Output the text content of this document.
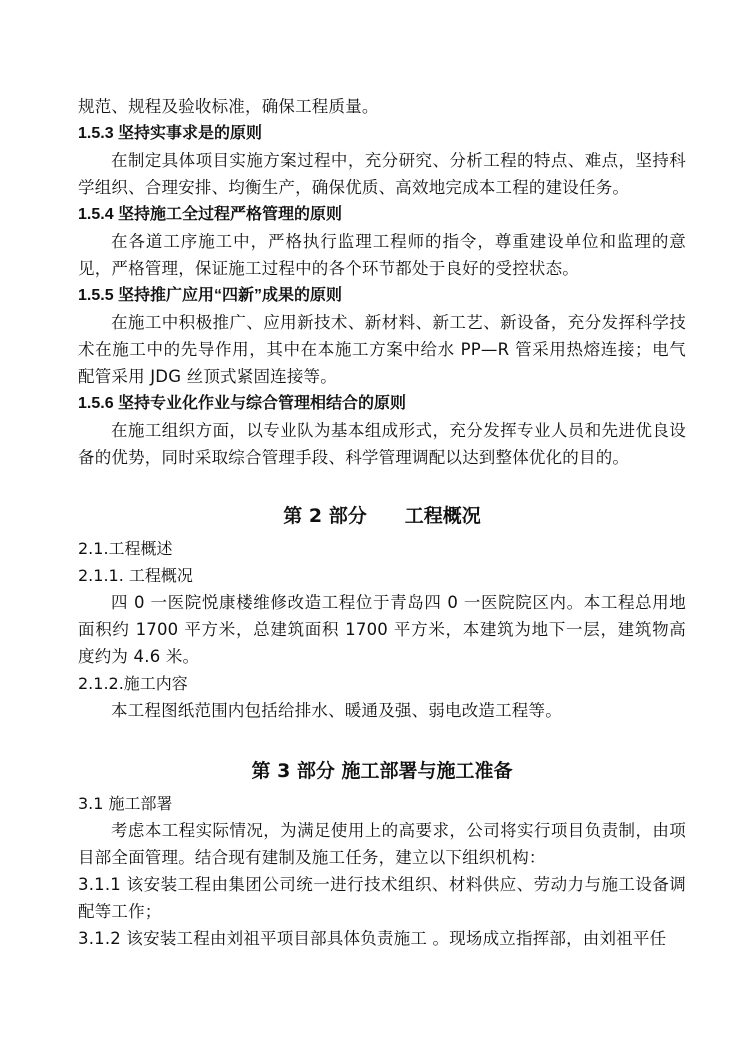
规范、规程及验收标准，确保工程质量。

1.5.3 坚持实事求是的原则

在制定具体项目实施方案过程中，充分研究、分析工程的特点、难点，坚持科学组织、合理安排、均衡生产，确保优质、高效地完成本工程的建设任务。

1.5.4 坚持施工全过程严格管理的原则

在各道工序施工中，严格执行监理工程师的指令，尊重建设单位和监理的意见，严格管理，保证施工过程中的各个环节都处于良好的受控状态。

1.5.5 坚持推广应用“四新”成果的原则

在施工中积极推广、应用新技术、新材料、新工艺、新设备，充分发挥科学技术在施工中的先导作用，其中在本施工方案中给水 PP—R 管采用热熔连接；电气配管采用 JDG 丝顶式紧固连接等。

1.5.6 坚持专业化作业与综合管理相结合的原则

在施工组织方面，以专业队为基本组成形式，充分发挥专业人员和先进优良设备的优势，同时采取综合管理手段、科学管理调配以达到整体优化的目的。

第 2 部分　　工程概况

2.1.工程概述

2.1.1. 工程概况

四 0 一医院悦康楼维修改造工程位于青岛四 0 一医院院区内。本工程总用地面积约 1700 平方米，总建筑面积 1700 平方米，本建筑为地下一层，建筑物高度约为 4.6 米。

2.1.2.施工内容

本工程图纸范围内包括给排水、暖通及强、弱电改造工程等。

第 3 部分 施工部署与施工准备

3.1 施工部署

考虑本工程实际情况，为满足使用上的高要求，公司将实行项目负责制，由项目部全面管理。结合现有建制及施工任务，建立以下组织机构：

3.1.1 该安装工程由集团公司统一进行技术组织、材料供应、劳动力与施工设备调配等工作；

3.1.2 该安装工程由刘祖平项目部具体负责施工 。现场成立指挥部，由刘祖平任
